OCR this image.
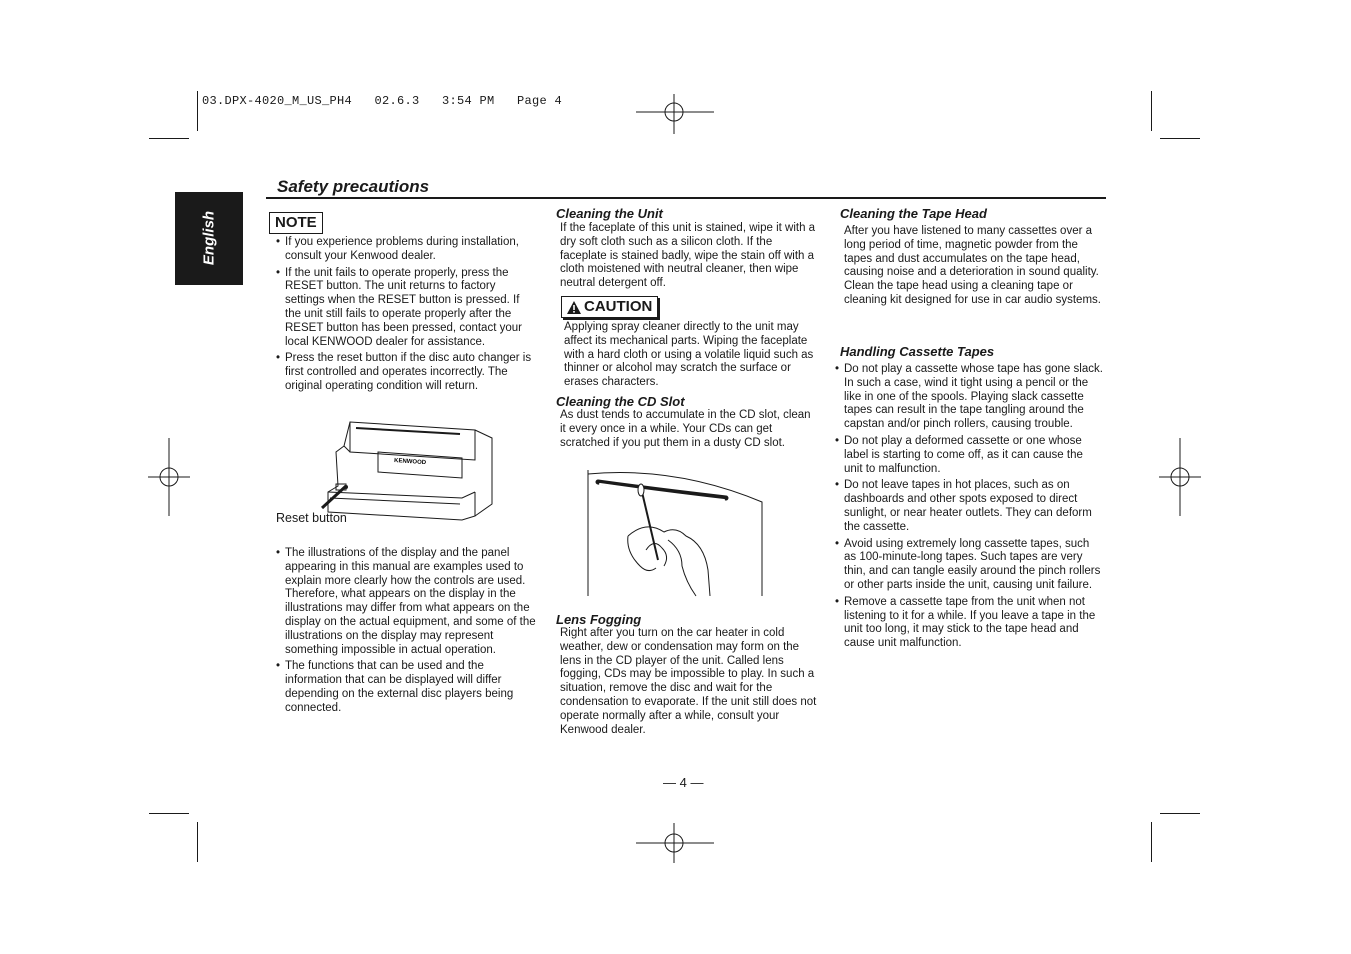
03.DPX-4020_M_US_PH4   02.6.3   3:54 PM   Page 4
English
Safety precautions
NOTE
• If you experience problems during installation, consult your Kenwood dealer.
• If the unit fails to operate properly, press the RESET button. The unit returns to factory settings when the RESET button is pressed. If the unit still fails to operate properly after the RESET button has been pressed, contact your local KENWOOD dealer for assistance.
• Press the reset button if the disc auto changer is first controlled and operates incorrectly. The original operating condition will return.
KENWOOD
Reset button
• The illustrations of the display and the panel appearing in this manual are examples used to explain more clearly how the controls are used. Therefore, what appears on the display in the illustrations may differ from what appears on the display on the actual equipment, and some of the illustrations on the display may represent something impossible in actual operation.
• The functions that can be used and the information that can be displayed will differ depending on the external disc players being connected.
Cleaning the Unit
If the faceplate of this unit is stained, wipe it with a dry soft cloth such as a silicon cloth. If the faceplate is stained badly, wipe the stain off with a cloth moistened with neutral cleaner, then wipe neutral detergent off.
CAUTION
Applying spray cleaner directly to the unit may affect its mechanical parts. Wiping the faceplate with a hard cloth or using a volatile liquid such as thinner or alcohol may scratch the surface or erases characters.
Cleaning the CD Slot
As dust tends to accumulate in the CD slot, clean it every once in a while. Your CDs can get scratched if you put them in a dusty CD slot.
Lens Fogging
Right after you turn on the car heater in cold weather, dew or condensation may form on the lens in the CD player of the unit. Called lens fogging, CDs may be impossible to play. In such a situation, remove the disc and wait for the condensation to evaporate. If the unit still does not operate normally after a while, consult your Kenwood dealer.
Cleaning the Tape Head
After you have listened to many cassettes over a long period of time, magnetic powder from the tapes and dust accumulates on the tape head, causing noise and a deterioration in sound quality. Clean the tape head using a cleaning tape or cleaning kit designed for use in car audio systems.
Handling Cassette Tapes
• Do not play a cassette whose tape has gone slack. In such a case, wind it tight using a pencil or the like in one of the spools. Playing slack cassette tapes can result in the tape tangling around the capstan and/or pinch rollers, causing trouble.
• Do not play a deformed cassette or one whose label is starting to come off, as it can cause the unit to malfunction.
• Do not leave tapes in hot places, such as on dashboards and other spots exposed to direct sunlight, or near heater outlets. They can deform the cassette.
• Avoid using extremely long cassette tapes, such as 100-minute-long tapes. Such tapes are very thin, and can tangle easily around the pinch rollers or other parts inside the unit, causing unit failure.
• Remove a cassette tape from the unit when not listening to it for a while. If you leave a tape in the unit too long, it may stick to the tape head and cause unit malfunction.
— 4 —
